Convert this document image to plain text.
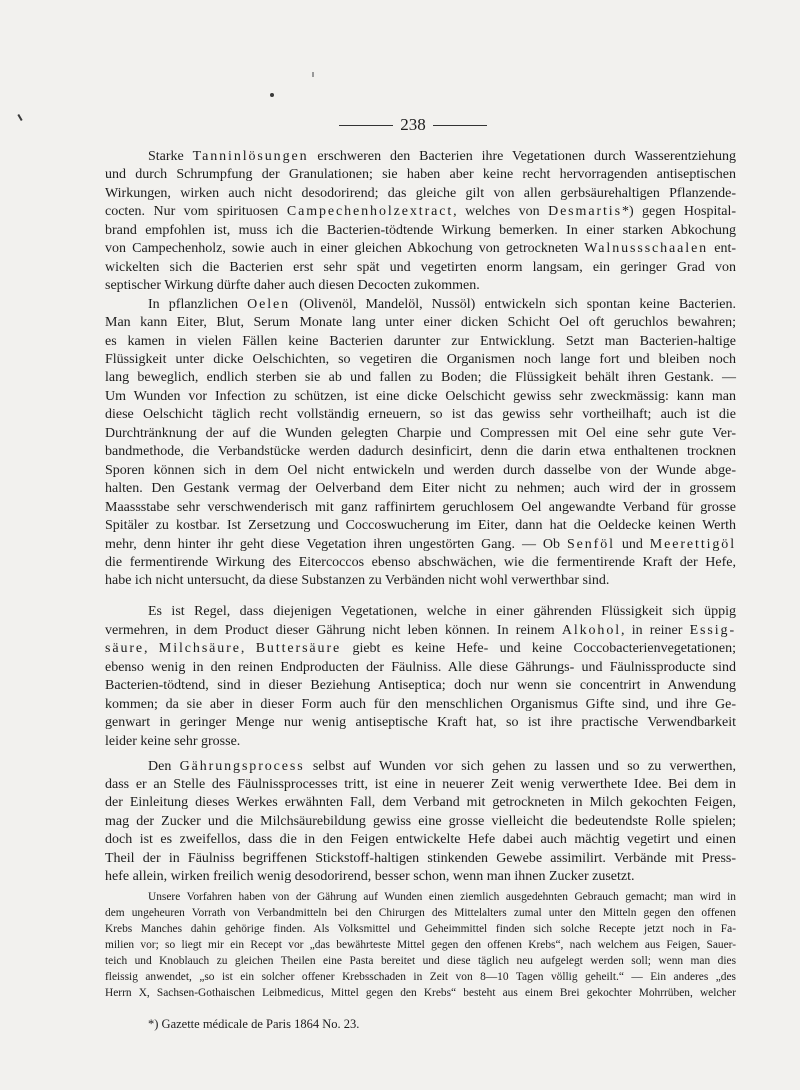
238
Starke Tanninlösungen erschweren den Bacterien ihre Vegetationen durch Wasserentziehung
und durch Schrumpfung der Granulationen; sie haben aber keine recht hervorragenden antiseptischen
Wirkungen, wirken auch nicht desodorirend; das gleiche gilt von allen gerbsäurehaltigen Pflanzende-
cocten. Nur vom spirituosen Campechenholzextract, welches von Desmartis*) gegen Hospital-
brand empfohlen ist, muss ich die Bacterien-tödtende Wirkung bemerken. In einer starken Abkochung
von Campechenholz, sowie auch in einer gleichen Abkochung von getrockneten Walnussschaalen ent-
wickelten sich die Bacterien erst sehr spät und vegetirten enorm langsam, ein geringer Grad von
septischer Wirkung dürfte daher auch diesen Decocten zukommen.
In pflanzlichen Oelen (Olivenöl, Mandelöl, Nussöl) entwickeln sich spontan keine Bacterien.
Man kann Eiter, Blut, Serum Monate lang unter einer dicken Schicht Oel oft geruchlos bewahren;
es kamen in vielen Fällen keine Bacterien darunter zur Entwicklung. Setzt man Bacterien-haltige
Flüssigkeit unter dicke Oelschichten, so vegetiren die Organismen noch lange fort und bleiben noch
lang beweglich, endlich sterben sie ab und fallen zu Boden; die Flüssigkeit behält ihren Gestank. —
Um Wunden vor Infection zu schützen, ist eine dicke Oelschicht gewiss sehr zweckmässig: kann man
diese Oelschicht täglich recht vollständig erneuern, so ist das gewiss sehr vortheilhaft; auch ist die
Durchtränknung der auf die Wunden gelegten Charpie und Compressen mit Oel eine sehr gute Ver-
bandmethode, die Verbandstücke werden dadurch desinficirt, denn die darin etwa enthaltenen trocknen
Sporen können sich in dem Oel nicht entwickeln und werden durch dasselbe von der Wunde abge-
halten. Den Gestank vermag der Oelverband dem Eiter nicht zu nehmen; auch wird der in grossem
Maassstabe sehr verschwenderisch mit ganz raffinirtem geruchlosem Oel angewandte Verband für grosse
Spitäler zu kostbar. Ist Zersetzung und Coccoswucherung im Eiter, dann hat die Oeldecke keinen Werth
mehr, denn hinter ihr geht diese Vegetation ihren ungestörten Gang. — Ob Senföl und Meerettigöl
die fermentirende Wirkung des Eitercoccos ebenso abschwächen, wie die fermentirende Kraft der Hefe,
habe ich nicht untersucht, da diese Substanzen zu Verbänden nicht wohl verwerthbar sind.
Es ist Regel, dass diejenigen Vegetationen, welche in einer gährenden Flüssigkeit sich üppig
vermehren, in dem Product dieser Gährung nicht leben können. In reinem Alkohol, in reiner Essig-
säure, Milchsäure, Buttersäure giebt es keine Hefe- und keine Coccobacterienvegetationen;
ebenso wenig in den reinen Endproducten der Fäulniss. Alle diese Gährungs- und Fäulnissproducte sind
Bacterien-tödtend, sind in dieser Beziehung Antiseptica; doch nur wenn sie concentrirt in Anwendung
kommen; da sie aber in dieser Form auch für den menschlichen Organismus Gifte sind, und ihre Ge-
genwart in geringer Menge nur wenig antiseptische Kraft hat, so ist ihre practische Verwendbarkeit
leider keine sehr grosse.
Den Gährungsprocess selbst auf Wunden vor sich gehen zu lassen und so zu verwerthen,
dass er an Stelle des Fäulnissprocesses tritt, ist eine in neuerer Zeit wenig verwerthete Idee. Bei dem in
der Einleitung dieses Werkes erwähnten Fall, dem Verband mit getrockneten in Milch gekochten Feigen,
mag der Zucker und die Milchsäurebildung gewiss eine grosse vielleicht die bedeutendste Rolle spielen;
doch ist es zweifellos, dass die in den Feigen entwickelte Hefe dabei auch mächtig vegetirt und einen
Theil der in Fäulniss begriffenen Stickstoff-haltigen stinkenden Gewebe assimilirt. Verbände mit Press-
hefe allein, wirken freilich wenig desodorirend, besser schon, wenn man ihnen Zucker zusetzt.
Unsere Vorfahren haben von der Gährung auf Wunden einen ziemlich ausgedehnten Gebrauch gemacht; man wird in
dem ungeheuren Vorrath von Verbandmitteln bei den Chirurgen des Mittelalters zumal unter den Mitteln gegen den offenen
Krebs Manches dahin gehörige finden. Als Volksmittel und Geheimmittel finden sich solche Recepte jetzt noch in Fa-
milien vor; so liegt mir ein Recept vor „das bewährteste Mittel gegen den offenen Krebs“, nach welchem aus Feigen, Sauer-
teich und Knoblauch zu gleichen Theilen eine Pasta bereitet und diese täglich neu aufgelegt werden soll; wenn man dies
fleissig anwendet, „so ist ein solcher offener Krebsschaden in Zeit von 8—10 Tagen völlig geheilt.“ — Ein anderes „des
Herrn X, Sachsen-Gothaischen Leibmedicus, Mittel gegen den Krebs“ besteht aus einem Brei gekochter Mohrrüben, welcher
*) Gazette médicale de Paris 1864 No. 23.
